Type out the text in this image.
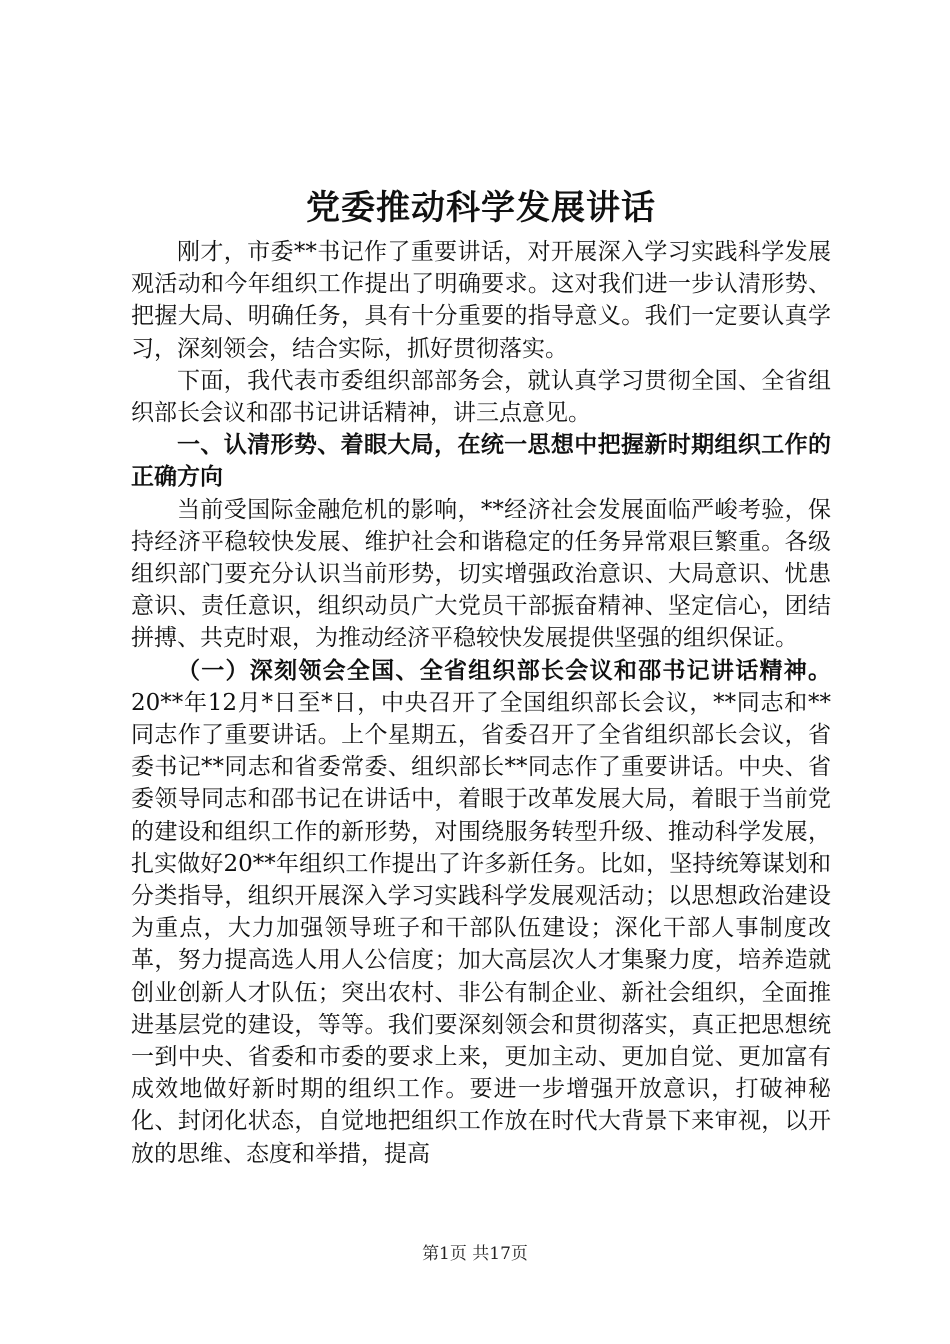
党委推动科学发展讲话

刚才，市委**书记作了重要讲话，对开展深入学习实践科学发展观活动和今年组织工作提出了明确要求。这对我们进一步认清形势、把握大局、明确任务，具有十分重要的指导意义。我们一定要认真学习，深刻领会，结合实际，抓好贯彻落实。

下面，我代表市委组织部部务会，就认真学习贯彻全国、全省组织部长会议和邵书记讲话精神，讲三点意见。

一、认清形势、着眼大局，在统一思想中把握新时期组织工作的正确方向

当前受国际金融危机的影响，**经济社会发展面临严峻考验，保持经济平稳较快发展、维护社会和谐稳定的任务异常艰巨繁重。各级组织部门要充分认识当前形势，切实增强政治意识、大局意识、忧患意识、责任意识，组织动员广大党员干部振奋精神、坚定信心，团结拼搏、共克时艰，为推动经济平稳较快发展提供坚强的组织保证。

（一）深刻领会全国、全省组织部长会议和邵书记讲话精神。20**年12月*日至*日，中央召开了全国组织部长会议，**同志和**同志作了重要讲话。上个星期五，省委召开了全省组织部长会议，省委书记**同志和省委常委、组织部长**同志作了重要讲话。中央、省委领导同志和邵书记在讲话中，着眼于改革发展大局，着眼于当前党的建设和组织工作的新形势，对围绕服务转型升级、推动科学发展，扎实做好20**年组织工作提出了许多新任务。比如，坚持统筹谋划和分类指导，组织开展深入学习实践科学发展观活动；以思想政治建设为重点，大力加强领导班子和干部队伍建设；深化干部人事制度改革，努力提高选人用人公信度；加大高层次人才集聚力度，培养造就创业创新人才队伍；突出农村、非公有制企业、新社会组织，全面推进基层党的建设，等等。我们要深刻领会和贯彻落实，真正把思想统一到中央、省委和市委的要求上来，更加主动、更加自觉、更加富有成效地做好新时期的组织工作。要进一步增强开放意识，打破神秘化、封闭化状态，自觉地把组织工作放在时代大背景下来审视，以开放的思维、态度和举措，提高

第1页 共17页
